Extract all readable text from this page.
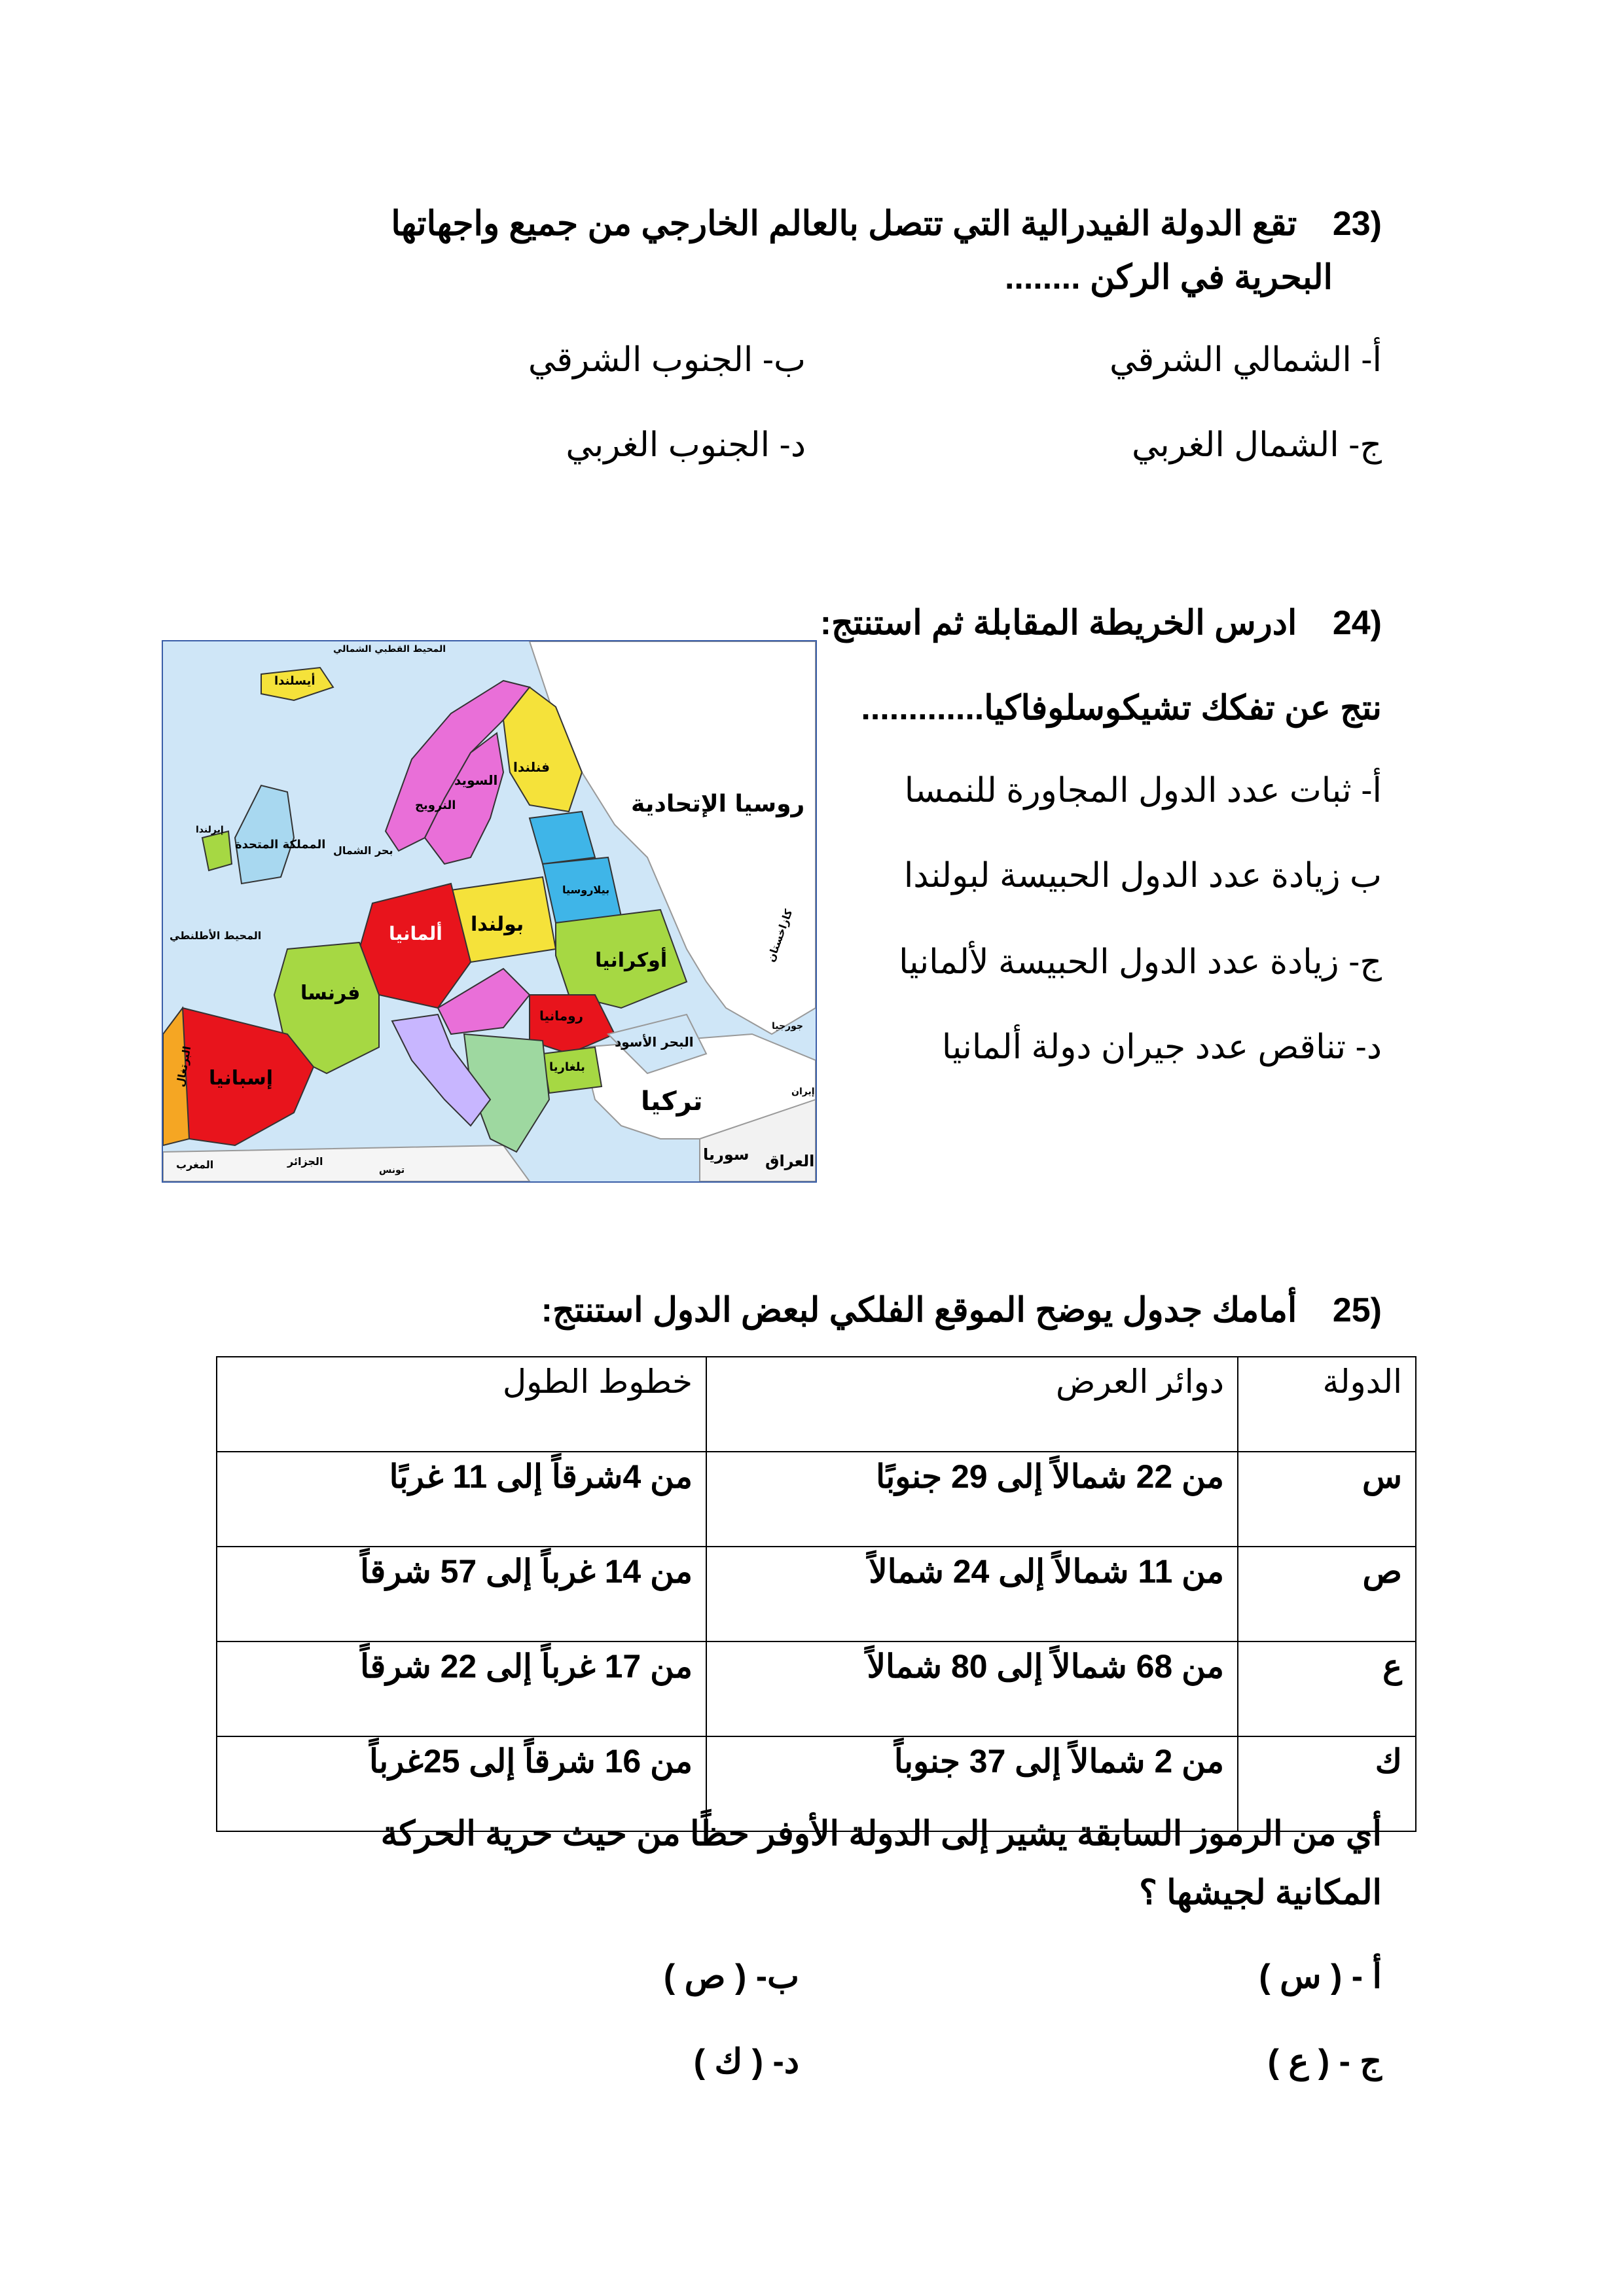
23) تقع الدولة الفيدرالية التي تتصل بالعالم الخارجي من جميع واجهاتها
البحرية في الركن ........
أ- الشمالي الشرقي
ب- الجنوب الشرقي
ج- الشمال الغربي
د- الجنوب الغربي
24) ادرس الخريطة المقابلة ثم استنتج:
نتج عن تفكك تشيكوسلوفاكيا.............
أ- ثبات عدد الدول المجاورة للنمسا
ب زيادة عدد الدول الحبيسة لبولندا
ج- زيادة عدد الدول الحبيسة لألمانيا
د- تناقص عدد جيران دولة ألمانيا
المحيط القطبي الشمالي
أيسلندا
روسيا الإتحادية
فنلندا
السويد
النرويج
بحر الشمال
المملكة المتحدة
إيرلندا
بيلاروسيا
كازاخستان
بولندا
ألمانيا
المحيط الأطلنطي
أوكرانيا
فرنسا
رومانيا
البحر الأسود
بلغاريا
البرتغال إسبانيا
إيران
تركيا
سوريا العراق
المغرب	الجزائر
تونس
جورجيا
25) أمامك جدول يوضح الموقع الفلكي لبعض الدول استنتج:
الدولة	دوائر العرض	خطوط الطول
س	من 22 شمالاً إلى 29 جنوبًا	من 4شرقاً إلى 11 غربًا
ص	من 11 شمالاً إلى 24 شمالاً	من 14 غرباً إلى 57 شرقاً
ع	من 68 شمالاً إلى 80 شمالاً	من 17 غرباً إلى 22 شرقاً
ك	من 2 شمالاً إلى 37 جنوباً	من 16 شرقاً إلى 25غرباً
أي من الرموز السابقة يشير إلى الدولة الأوفر حظًا من حيث حرية الحركة
المكانية لجيشها ؟
أ - ( س )
ب- ( ص )
ج - ( ع )
د- ( ك )
